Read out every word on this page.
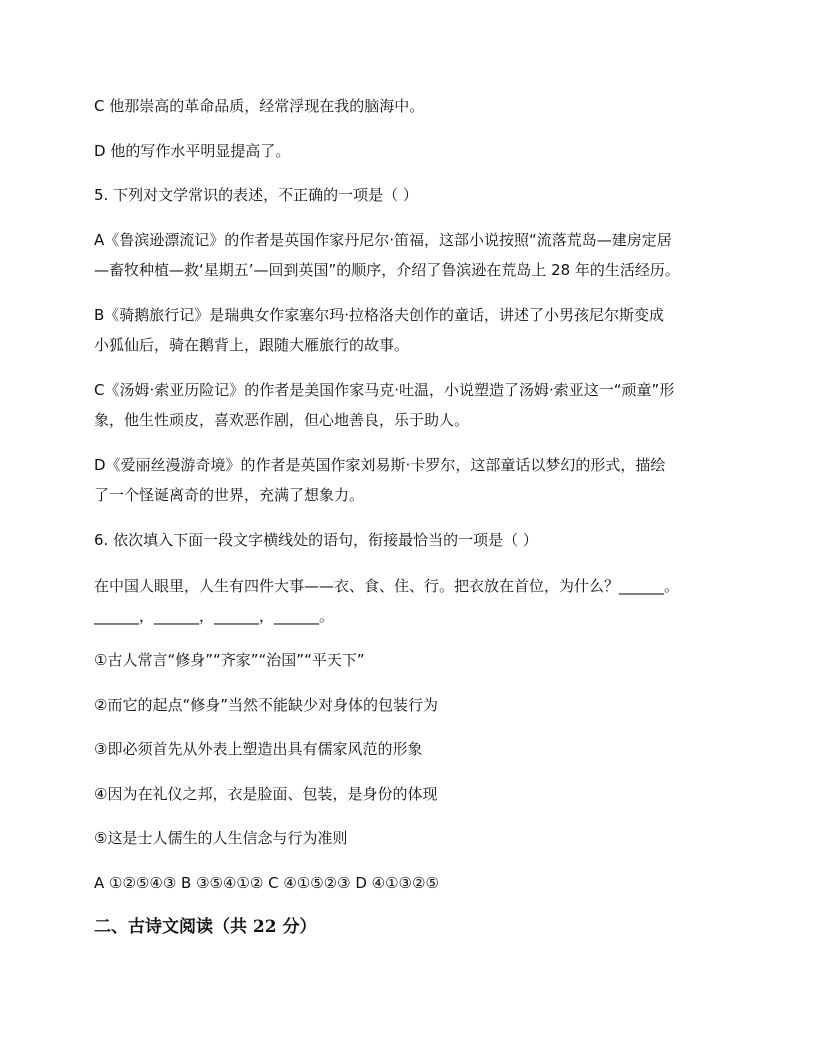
C 他那崇高的革命品质，经常浮现在我的脑海中。
D 他的写作水平明显提高了。
5. 下列对文学常识的表述，不正确的一项是（ ）
A《鲁滨逊漂流记》的作者是英国作家丹尼尔·笛福，这部小说按照“流落荒岛—建房定居
—畜牧种植—救‘星期五’—回到英国”的顺序，介绍了鲁滨逊在荒岛上 28 年的生活经历。
B《骑鹅旅行记》是瑞典女作家塞尔玛·拉格洛夫创作的童话，讲述了小男孩尼尔斯变成
小狐仙后，骑在鹅背上，跟随大雁旅行的故事。
C《汤姆·索亚历险记》的作者是美国作家马克·吐温，小说塑造了汤姆·索亚这一“顽童”形
象，他生性顽皮，喜欢恶作剧，但心地善良，乐于助人。
D《爱丽丝漫游奇境》的作者是英国作家刘易斯·卡罗尔，这部童话以梦幻的形式，描绘
了一个怪诞离奇的世界，充满了想象力。
6. 依次填入下面一段文字横线处的语句，衔接最恰当的一项是（ ）
在中国人眼里，人生有四件大事——衣、食、住、行。把衣放在首位，为什么？______。
______，______，______，______。
①古人常言“修身”“齐家”“治国”“平天下”
②而它的起点“修身”当然不能缺少对身体的包装行为
③即必须首先从外表上塑造出具有儒家风范的形象
④因为在礼仪之邦，衣是脸面、包装，是身份的体现
⑤这是士人儒生的人生信念与行为准则
A ①②⑤④③ B ③⑤④①② C ④①⑤②③ D ④①③②⑤
二、古诗文阅读（共 22 分）
